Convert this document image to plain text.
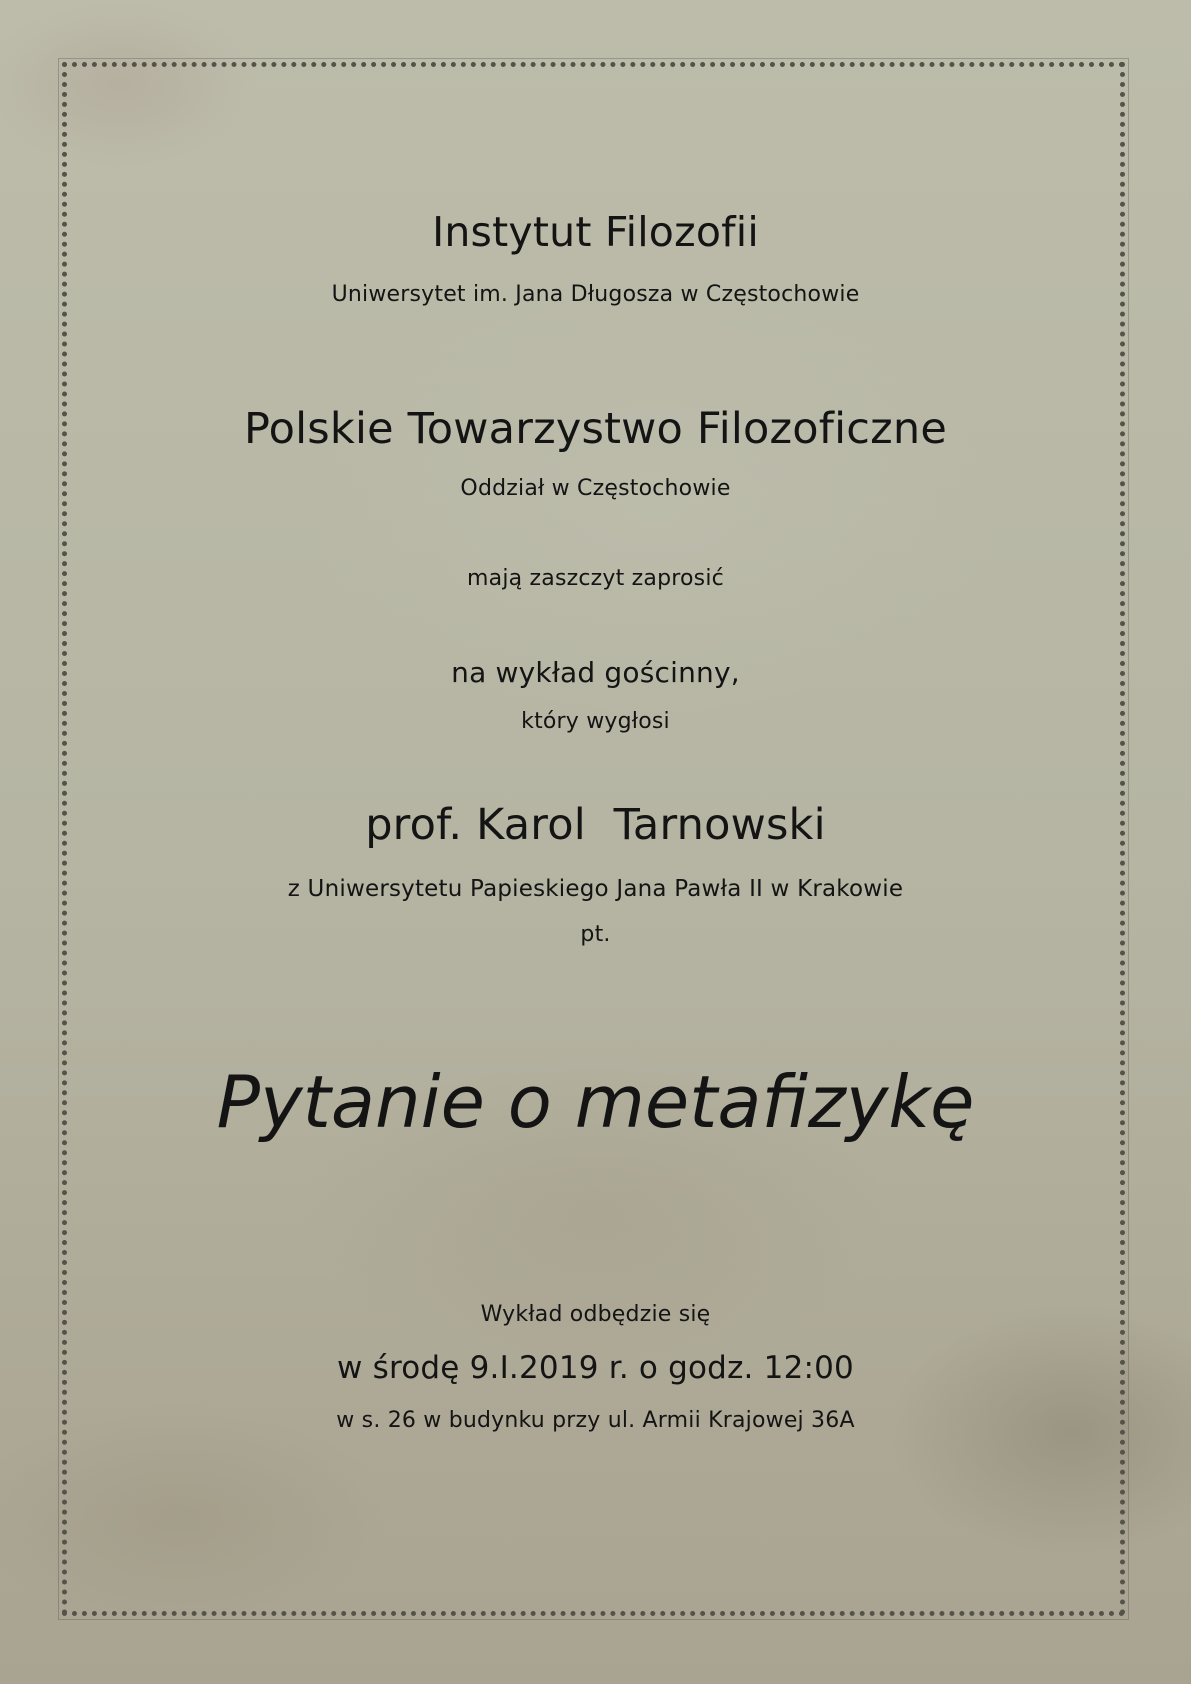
Instytut Filozofii
Uniwersytet im. Jana Długosza w Częstochowie
Polskie Towarzystwo Filozoficzne
Oddział w Częstochowie
mają zaszczyt zaprosić
na wykład gościnny,
który wygłosi
prof. Karol  Tarnowski
z Uniwersytetu Papieskiego Jana Pawła II w Krakowie
pt.
Pytanie o metafizykę
Wykład odbędzie się
w środę 9.I.2019 r. o godz. 12:00
w s. 26 w budynku przy ul. Armii Krajowej 36A
